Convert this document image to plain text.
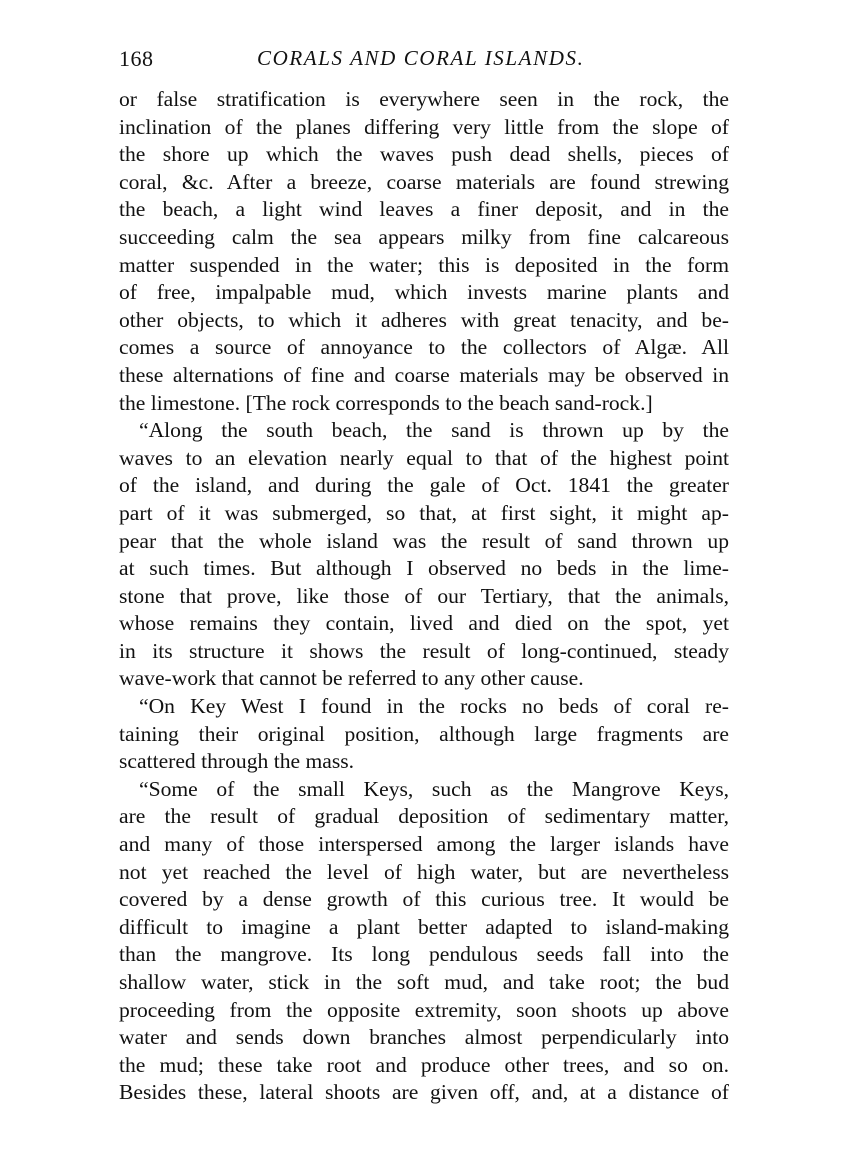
168	CORALS AND CORAL ISLANDS.
or false stratification is everywhere seen in the rock, the
inclination of the planes differing very little from the slope of
the shore up which the waves push dead shells, pieces of
coral, &c. After a breeze, coarse materials are found strewing
the beach, a light wind leaves a finer deposit, and in the
succeeding calm the sea appears milky from fine calcareous
matter suspended in the water; this is deposited in the form
of free, impalpable mud, which invests marine plants and
other objects, to which it adheres with great tenacity, and be-
comes a source of annoyance to the collectors of Algæ. All
these alternations of fine and coarse materials may be observed in
the limestone. [The rock corresponds to the beach sand-rock.]
“Along the south beach, the sand is thrown up by the
waves to an elevation nearly equal to that of the highest point
of the island, and during the gale of Oct. 1841 the greater
part of it was submerged, so that, at first sight, it might ap-
pear that the whole island was the result of sand thrown up
at such times. But although I observed no beds in the lime-
stone that prove, like those of our Tertiary, that the animals,
whose remains they contain, lived and died on the spot, yet
in its structure it shows the result of long-continued, steady
wave-work that cannot be referred to any other cause.
“On Key West I found in the rocks no beds of coral re-
taining their original position, although large fragments are
scattered through the mass.
“Some of the small Keys, such as the Mangrove Keys,
are the result of gradual deposition of sedimentary matter,
and many of those interspersed among the larger islands have
not yet reached the level of high water, but are nevertheless
covered by a dense growth of this curious tree. It would be
difficult to imagine a plant better adapted to island-making
than the mangrove. Its long pendulous seeds fall into the
shallow water, stick in the soft mud, and take root; the bud
proceeding from the opposite extremity, soon shoots up above
water and sends down branches almost perpendicularly into
the mud; these take root and produce other trees, and so on.
Besides these, lateral shoots are given off, and, at a distance of
